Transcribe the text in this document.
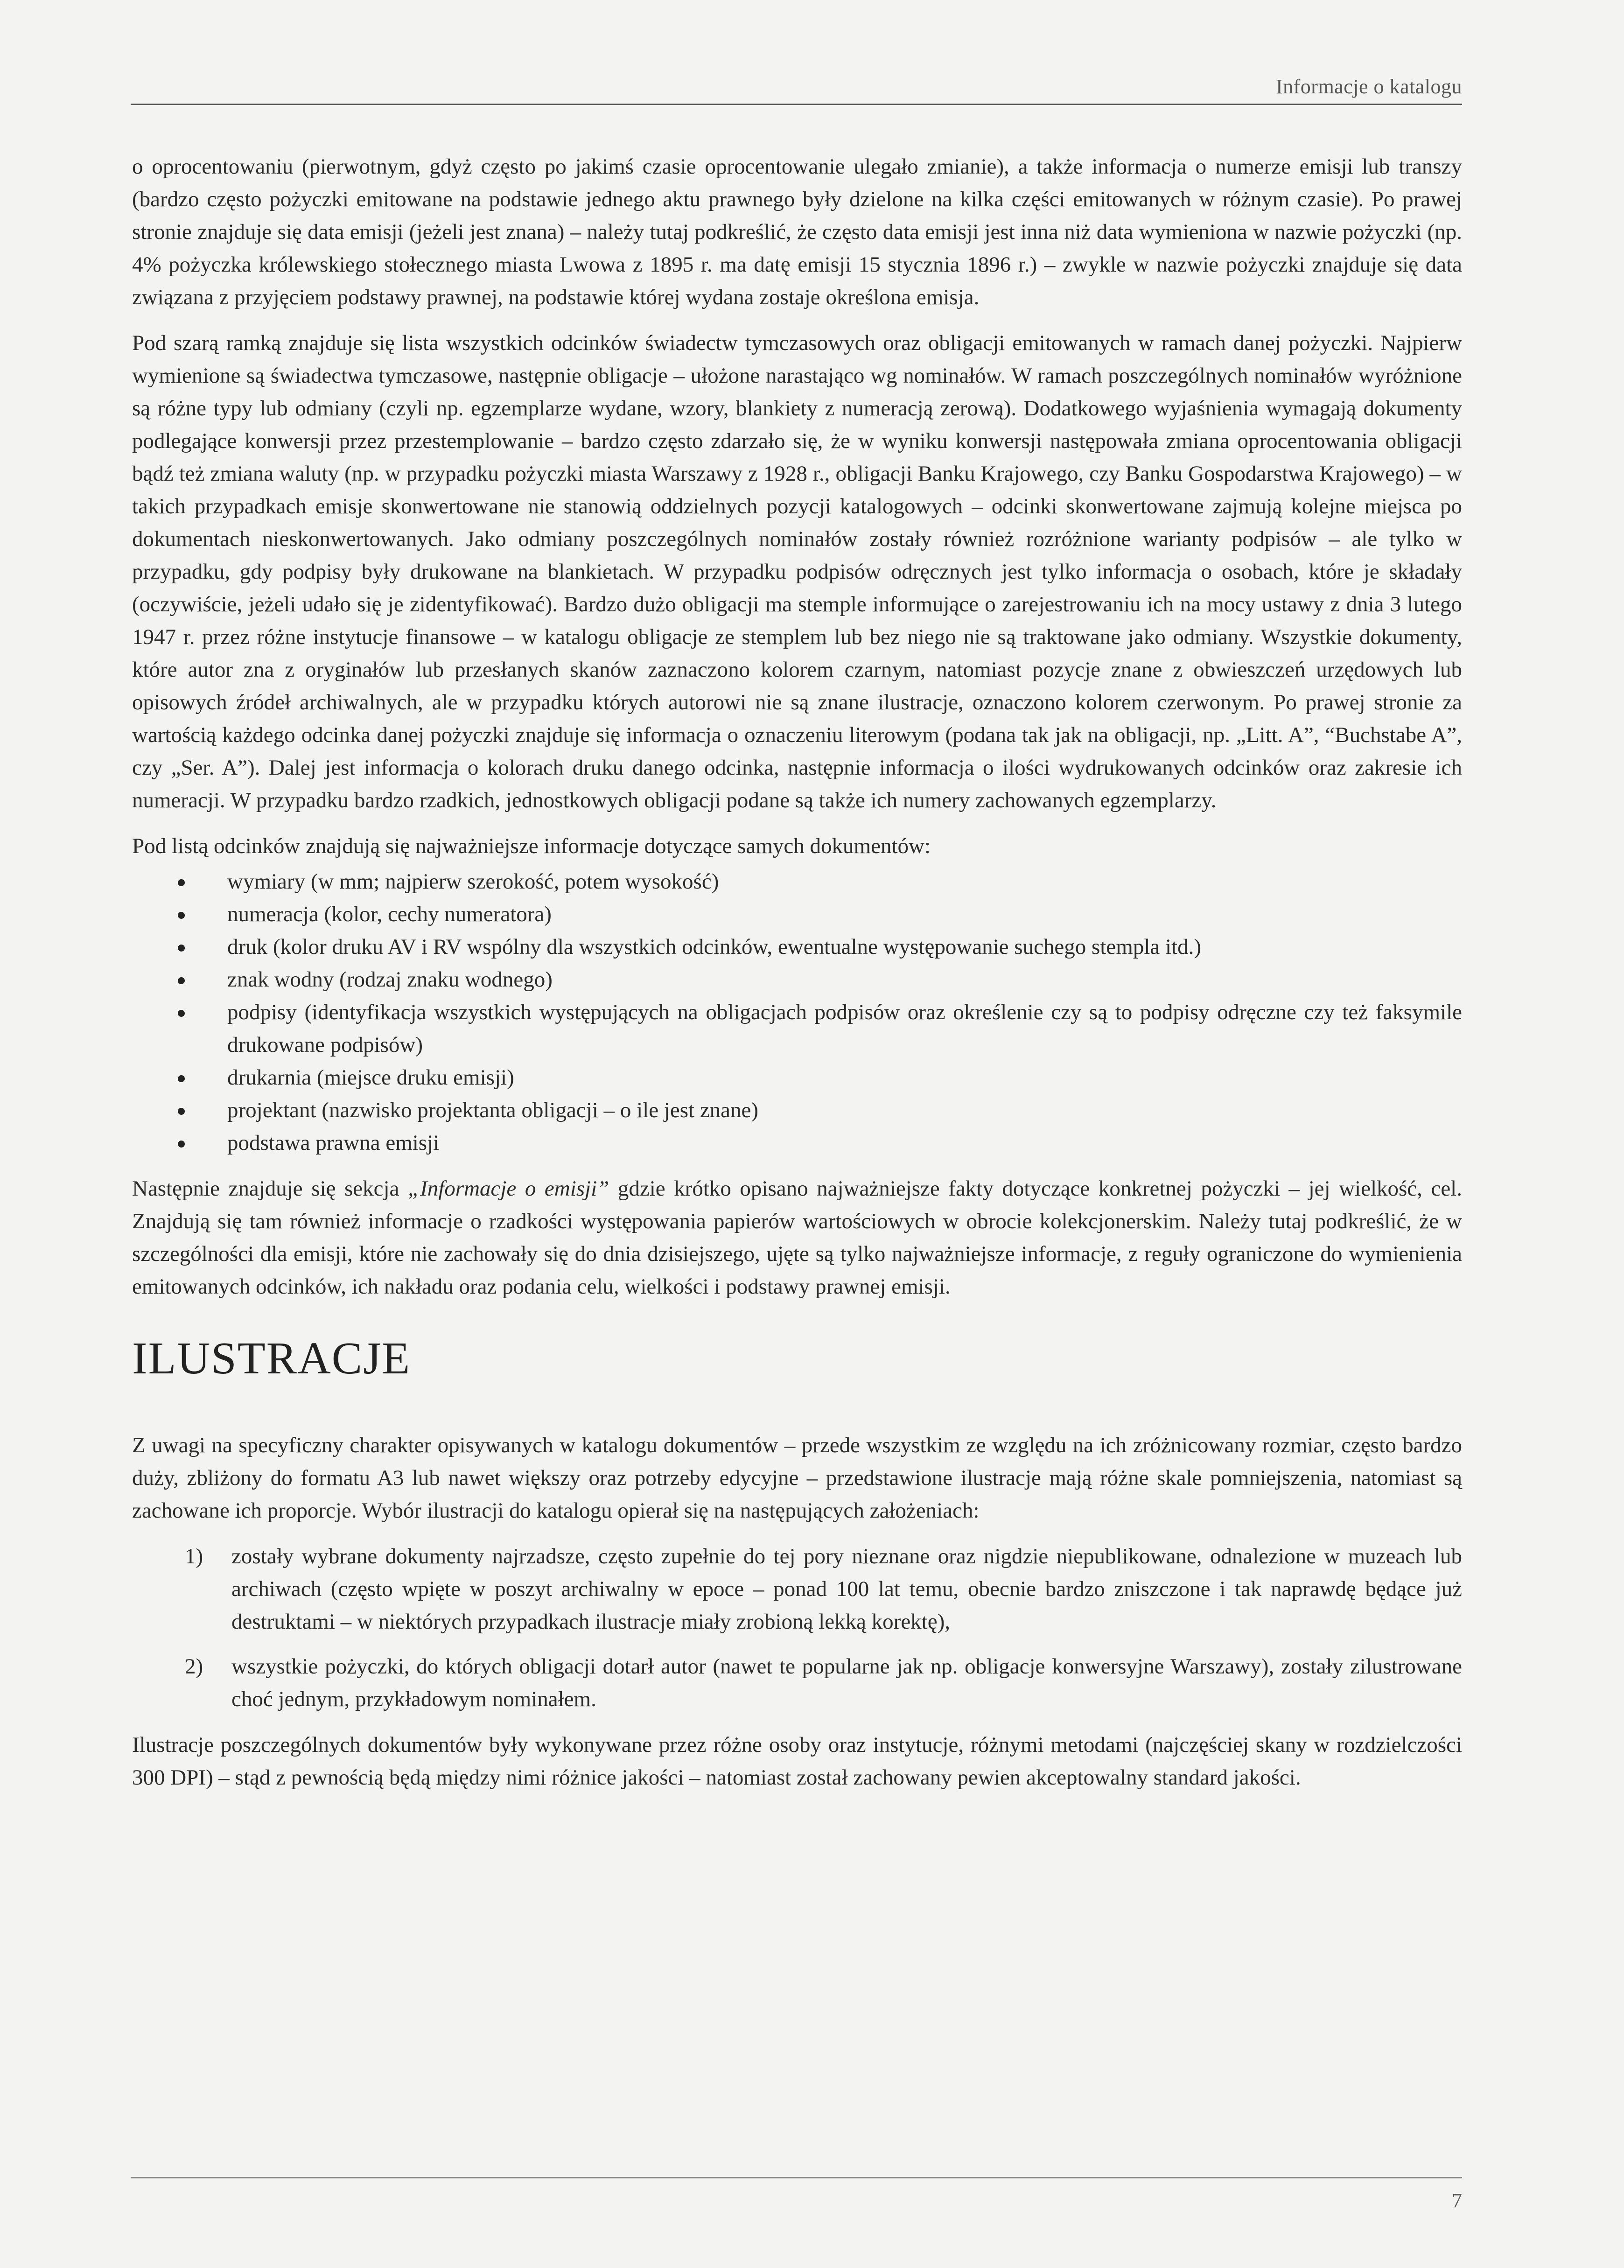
Informacje o katalogu

o oprocentowaniu (pierwotnym, gdyż często po jakimś czasie oprocentowanie ulegało zmianie), a także informacja o numerze emisji lub transzy (bardzo często pożyczki emitowane na podstawie jednego aktu prawnego były dzielone na kilka części emitowanych w różnym czasie). Po prawej stronie znajduje się data emisji (jeżeli jest znana) – należy tutaj podkreślić, że często data emisji jest inna niż data wymieniona w nazwie pożyczki (np. 4% pożyczka królewskiego stołecznego miasta Lwowa z 1895 r. ma datę emisji 15 stycznia 1896 r.) – zwykle w nazwie pożyczki znajduje się data związana z przyjęciem podstawy prawnej, na podstawie której wydana zostaje określona emisja.

Pod szarą ramką znajduje się lista wszystkich odcinków świadectw tymczasowych oraz obligacji emitowanych w ramach danej pożyczki. Najpierw wymienione są świadectwa tymczasowe, następnie obligacje – ułożone narastająco wg nominałów. W ramach poszczególnych nominałów wyróżnione są różne typy lub odmiany (czyli np. egzemplarze wydane, wzory, blankiety z numeracją zerową). Dodatkowego wyjaśnienia wymagają dokumenty podlegające konwersji przez przestemplowanie – bardzo często zdarzało się, że w wyniku konwersji następowała zmiana oprocentowania obligacji bądź też zmiana waluty (np. w przypadku pożyczki miasta Warszawy z 1928 r., obligacji Banku Krajowego, czy Banku Gospodarstwa Krajowego) – w takich przypadkach emisje skonwertowane nie stanowią oddzielnych pozycji katalogowych – odcinki skonwertowane zajmują kolejne miejsca po dokumentach nieskonwertowanych. Jako odmiany poszczególnych nominałów zostały również rozróżnione warianty podpisów – ale tylko w przypadku, gdy podpisy były drukowane na blankietach. W przypadku podpisów odręcznych jest tylko informacja o osobach, które je składały (oczywiście, jeżeli udało się je zidentyfikować). Bardzo dużo obligacji ma stemple informujące o zarejestrowaniu ich na mocy ustawy z dnia 3 lutego 1947 r. przez różne instytucje finansowe – w katalogu obligacje ze stemplem lub bez niego nie są traktowane jako odmiany. Wszystkie dokumenty, które autor zna z oryginałów lub przesłanych skanów zaznaczono kolorem czarnym, natomiast pozycje znane z obwieszczeń urzędowych lub opisowych źródeł archiwalnych, ale w przypadku których autorowi nie są znane ilustracje, oznaczono kolorem czerwonym. Po prawej stronie za wartością każdego odcinka danej pożyczki znajduje się informacja o oznaczeniu literowym (podana tak jak na obligacji, np. „Litt. A”, “Buchstabe A”, czy „Ser. A”). Dalej jest informacja o kolorach druku danego odcinka, następnie informacja o ilości wydrukowanych odcinków oraz zakresie ich numeracji. W przypadku bardzo rzadkich, jednostkowych obligacji podane są także ich numery zachowanych egzemplarzy.

Pod listą odcinków znajdują się najważniejsze informacje dotyczące samych dokumentów:

wymiary (w mm; najpierw szerokość, potem wysokość)
numeracja (kolor, cechy numeratora)
druk (kolor druku AV i RV wspólny dla wszystkich odcinków, ewentualne występowanie suchego stempla itd.)
znak wodny (rodzaj znaku wodnego)
podpisy (identyfikacja wszystkich występujących na obligacjach podpisów oraz określenie czy są to podpisy odręczne czy też faksymile drukowane podpisów)
drukarnia (miejsce druku emisji)
projektant (nazwisko projektanta obligacji – o ile jest znane)
podstawa prawna emisji

Następnie znajduje się sekcja „Informacje o emisji” gdzie krótko opisano najważniejsze fakty dotyczące konkretnej pożyczki – jej wielkość, cel. Znajdują się tam również informacje o rzadkości występowania papierów wartościowych w obrocie kolekcjonerskim. Należy tutaj podkreślić, że w szczególności dla emisji, które nie zachowały się do dnia dzisiejszego, ujęte są tylko najważniejsze informacje, z reguły ograniczone do wymienienia emitowanych odcinków, ich nakładu oraz podania celu, wielkości i podstawy prawnej emisji.

ILUSTRACJE

Z uwagi na specyficzny charakter opisywanych w katalogu dokumentów – przede wszystkim ze względu na ich zróżnicowany rozmiar, często bardzo duży, zbliżony do formatu A3 lub nawet większy oraz potrzeby edycyjne – przedstawione ilustracje mają różne skale pomniejszenia, natomiast są zachowane ich proporcje. Wybór ilustracji do katalogu opierał się na następujących założeniach:

1) zostały wybrane dokumenty najrzadsze, często zupełnie do tej pory nieznane oraz nigdzie niepublikowane, odnalezione w muzeach lub archiwach (często wpięte w poszyt archiwalny w epoce – ponad 100 lat temu, obecnie bardzo zniszczone i tak naprawdę będące już destruktami – w niektórych przypadkach ilustracje miały zrobioną lekką korektę),
2) wszystkie pożyczki, do których obligacji dotarł autor (nawet te popularne jak np. obligacje konwersyjne Warszawy), zostały zilustrowane choć jednym, przykładowym nominałem.

Ilustracje poszczególnych dokumentów były wykonywane przez różne osoby oraz instytucje, różnymi metodami (najczęściej skany w rozdzielczości 300 DPI) – stąd z pewnością będą między nimi różnice jakości – natomiast został zachowany pewien akceptowalny standard jakości.

7
